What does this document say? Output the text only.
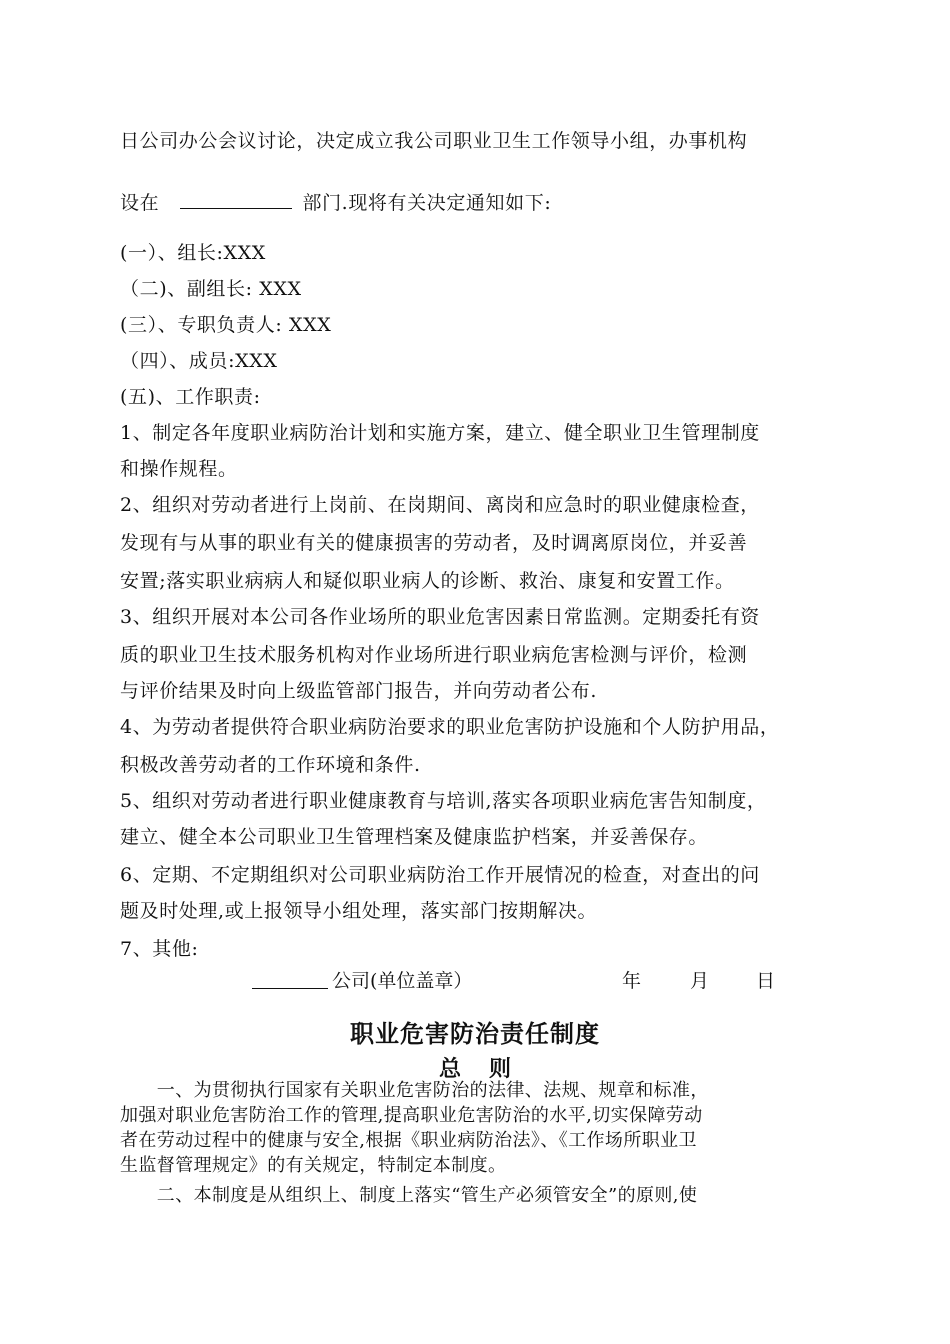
日公司办公会议讨论，决定成立我公司职业卫生工作领导小组，办事机构
设在	部门.现将有关决定通知如下:
(一）、组长:XXX
（二)、副组长: XXX
(三）、专职负责人: XXX
（四）、成员:XXX
(五)、工作职责:
1、制定各年度职业病防治计划和实施方案，建立、健全职业卫生管理制度
和操作规程。
2、组织对劳动者进行上岗前、在岗期间、离岗和应急时的职业健康检查，
发现有与从事的职业有关的健康损害的劳动者，及时调离原岗位，并妥善
安置;落实职业病病人和疑似职业病人的诊断、救治、康复和安置工作。
3、组织开展对本公司各作业场所的职业危害因素日常监测。定期委托有资
质的职业卫生技术服务机构对作业场所进行职业病危害检测与评价，检测
与评价结果及时向上级监管部门报告，并向劳动者公布.
4、为劳动者提供符合职业病防治要求的职业危害防护设施和个人防护用品，
积极改善劳动者的工作环境和条件.
5、组织对劳动者进行职业健康教育与培训,落实各项职业病危害告知制度，
建立、健全本公司职业卫生管理档案及健康监护档案，并妥善保存。
6、定期、不定期组织对公司职业病防治工作开展情况的检查，对查出的问
题及时处理,或上报领导小组处理，落实部门按期解决。
7、其他:
公司(单位盖章）	年	月 日
职业危害防治责任制度
总则
　　一、为贯彻执行国家有关职业危害防治的法律、法规、规章和标准，
加强对职业危害防治工作的管理,提高职业危害防治的水平,切实保障劳动
者在劳动过程中的健康与安全,根据《职业病防治法》、《工作场所职业卫
生监督管理规定》的有关规定，特制定本制度。
　　二、本制度是从组织上、制度上落实“管生产必须管安全”的原则,使
